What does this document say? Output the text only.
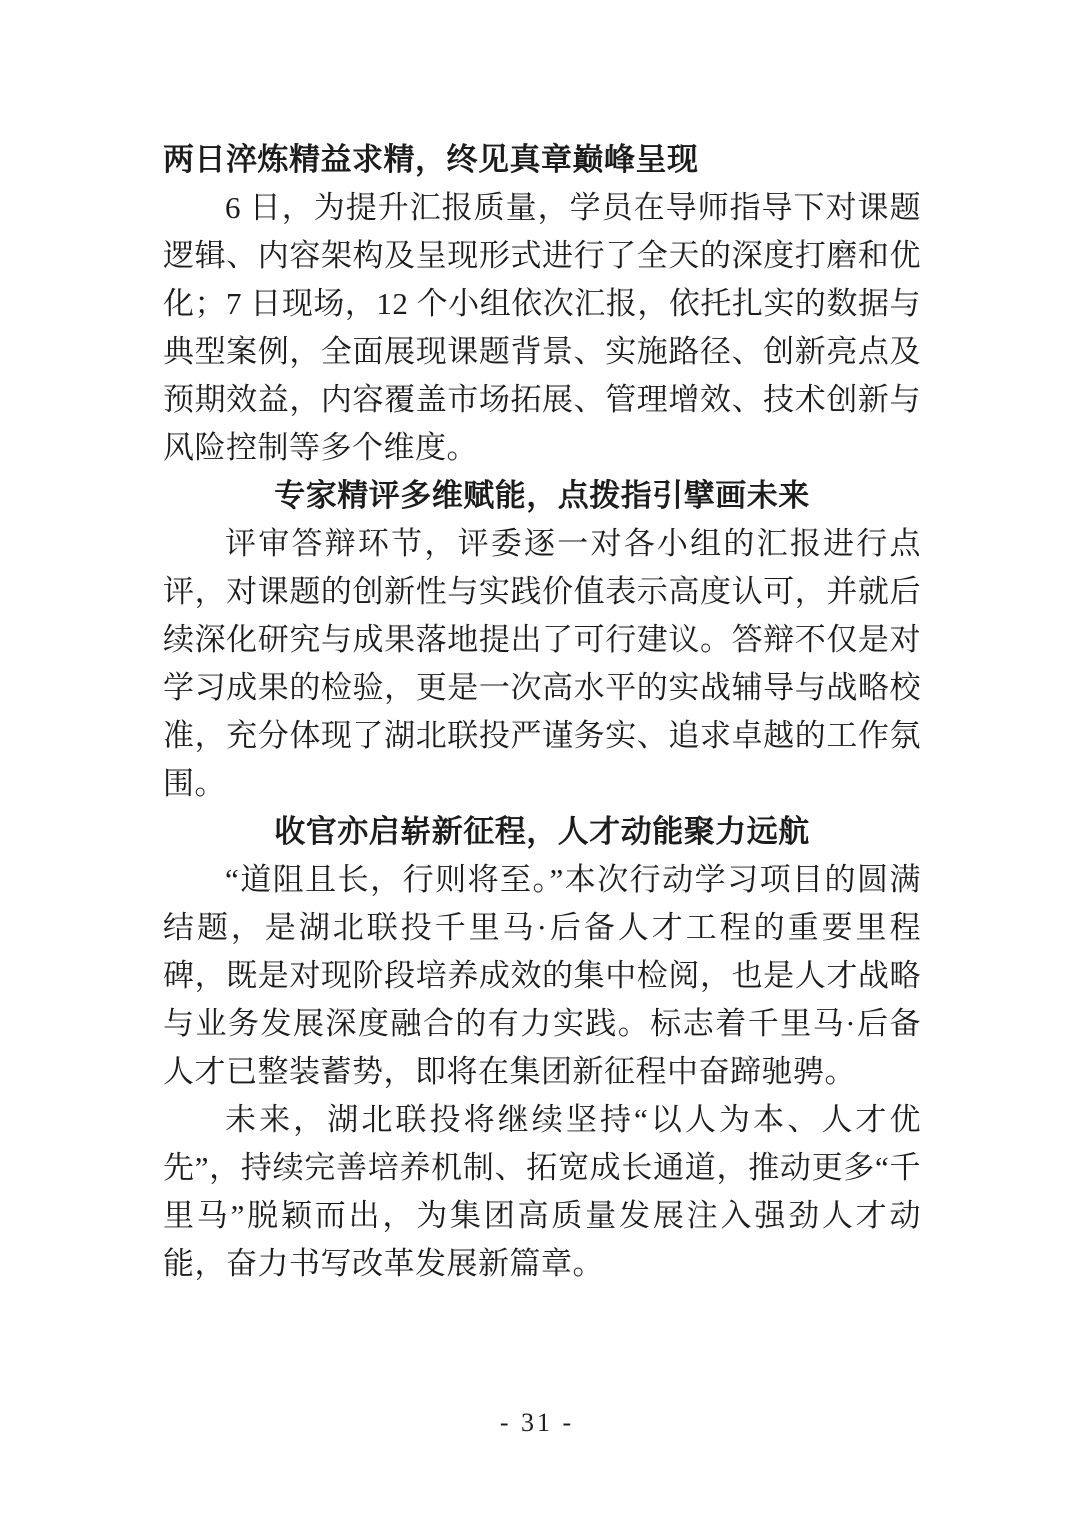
两日淬炼精益求精，终见真章巅峰呈现

6 日，为提升汇报质量，学员在导师指导下对课题逻辑、内容架构及呈现形式进行了全天的深度打磨和优化；7 日现场，12 个小组依次汇报，依托扎实的数据与典型案例，全面展现课题背景、实施路径、创新亮点及预期效益，内容覆盖市场拓展、管理增效、技术创新与风险控制等多个维度。

专家精评多维赋能，点拨指引擘画未来

评审答辩环节，评委逐一对各小组的汇报进行点评，对课题的创新性与实践价值表示高度认可，并就后续深化研究与成果落地提出了可行建议。答辩不仅是对学习成果的检验，更是一次高水平的实战辅导与战略校准，充分体现了湖北联投严谨务实、追求卓越的工作氛围。

收官亦启崭新征程，人才动能聚力远航

“道阻且长，行则将至。”本次行动学习项目的圆满结题，是湖北联投千里马·后备人才工程的重要里程碑，既是对现阶段培养成效的集中检阅，也是人才战略与业务发展深度融合的有力实践。标志着千里马·后备人才已整装蓄势，即将在集团新征程中奋蹄驰骋。

未来，湖北联投将继续坚持“以人为本、人才优先”，持续完善培养机制、拓宽成长通道，推动更多“千里马”脱颖而出，为集团高质量发展注入强劲人才动能，奋力书写改革发展新篇章。

- 31 -
